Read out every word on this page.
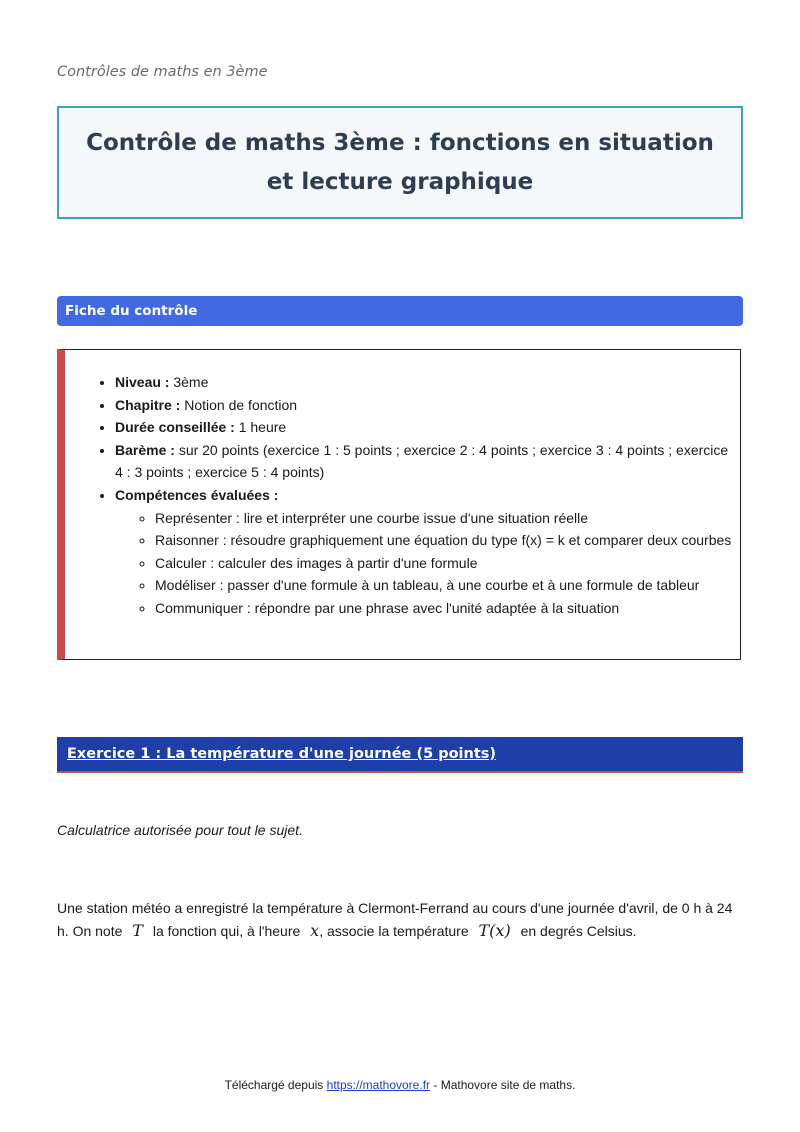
Contrôles de maths en 3ème
Contrôle de maths 3ème : fonctions en situation et lecture graphique
Fiche du contrôle
• Niveau : 3ème
• Chapitre : Notion de fonction
• Durée conseillée : 1 heure
• Barème : sur 20 points (exercice 1 : 5 points ; exercice 2 : 4 points ; exercice 3 : 4 points ; exercice 4 : 3 points ; exercice 5 : 4 points)
• Compétences évaluées :
◦ Représenter : lire et interpréter une courbe issue d'une situation réelle
◦ Raisonner : résoudre graphiquement une équation du type f(x) = k et comparer deux courbes
◦ Calculer : calculer des images à partir d'une formule
◦ Modéliser : passer d'une formule à un tableau, à une courbe et à une formule de tableur
◦ Communiquer : répondre par une phrase avec l'unité adaptée à la situation
Exercice 1 : La température d'une journée (5 points)
Calculatrice autorisée pour tout le sujet.
Une station météo a enregistré la température à Clermont-Ferrand au cours d'une journée d'avril, de 0 h à 24 h. On note T la fonction qui, à l'heure x, associe la température T(x) en degrés Celsius.
Téléchargé depuis https://mathovore.fr - Mathovore site de maths.
